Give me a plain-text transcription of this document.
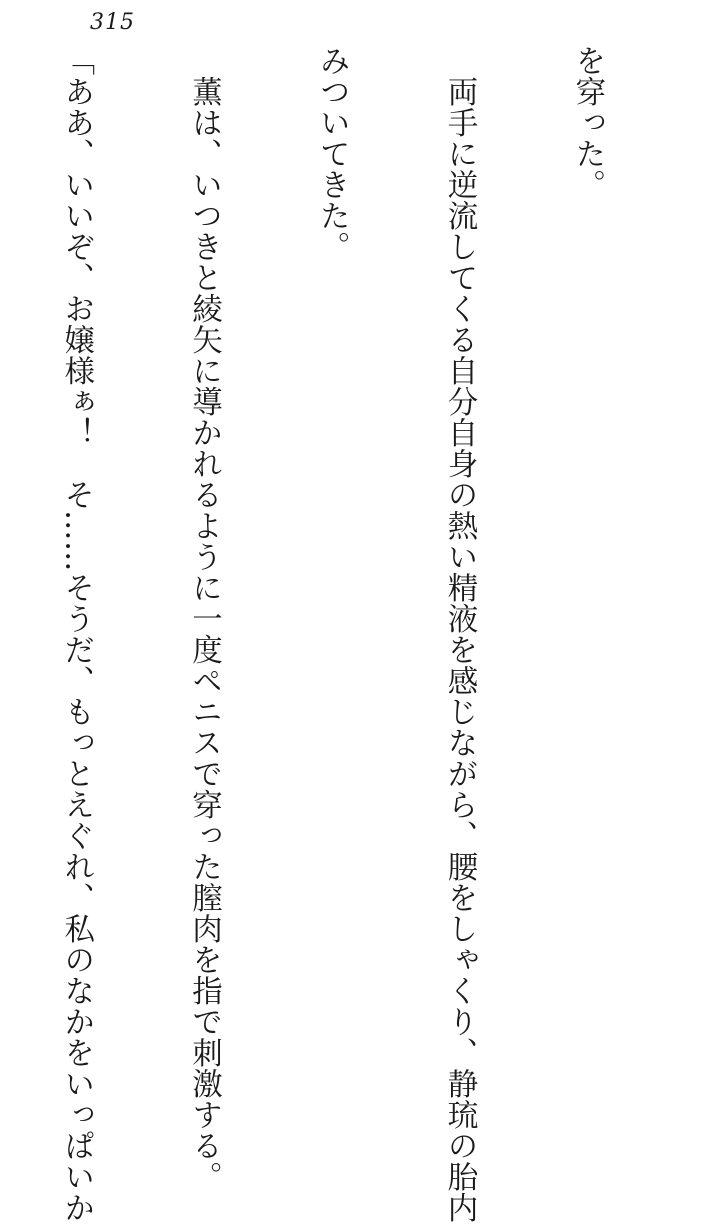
315

を穿った。

　両手に逆流してくる自分自身の熱い精液を感じながら、腰をしゃくり、静琉の胎内

みついてきた。

　薫は、いつきと綾矢に導かれるように一度ペニスで穿った膣肉を指で刺激する。

「ああ、いいぞ、お嬢様ぁ！　そ……そうだ、もっとえぐれ、私のなかをいっぱいか
